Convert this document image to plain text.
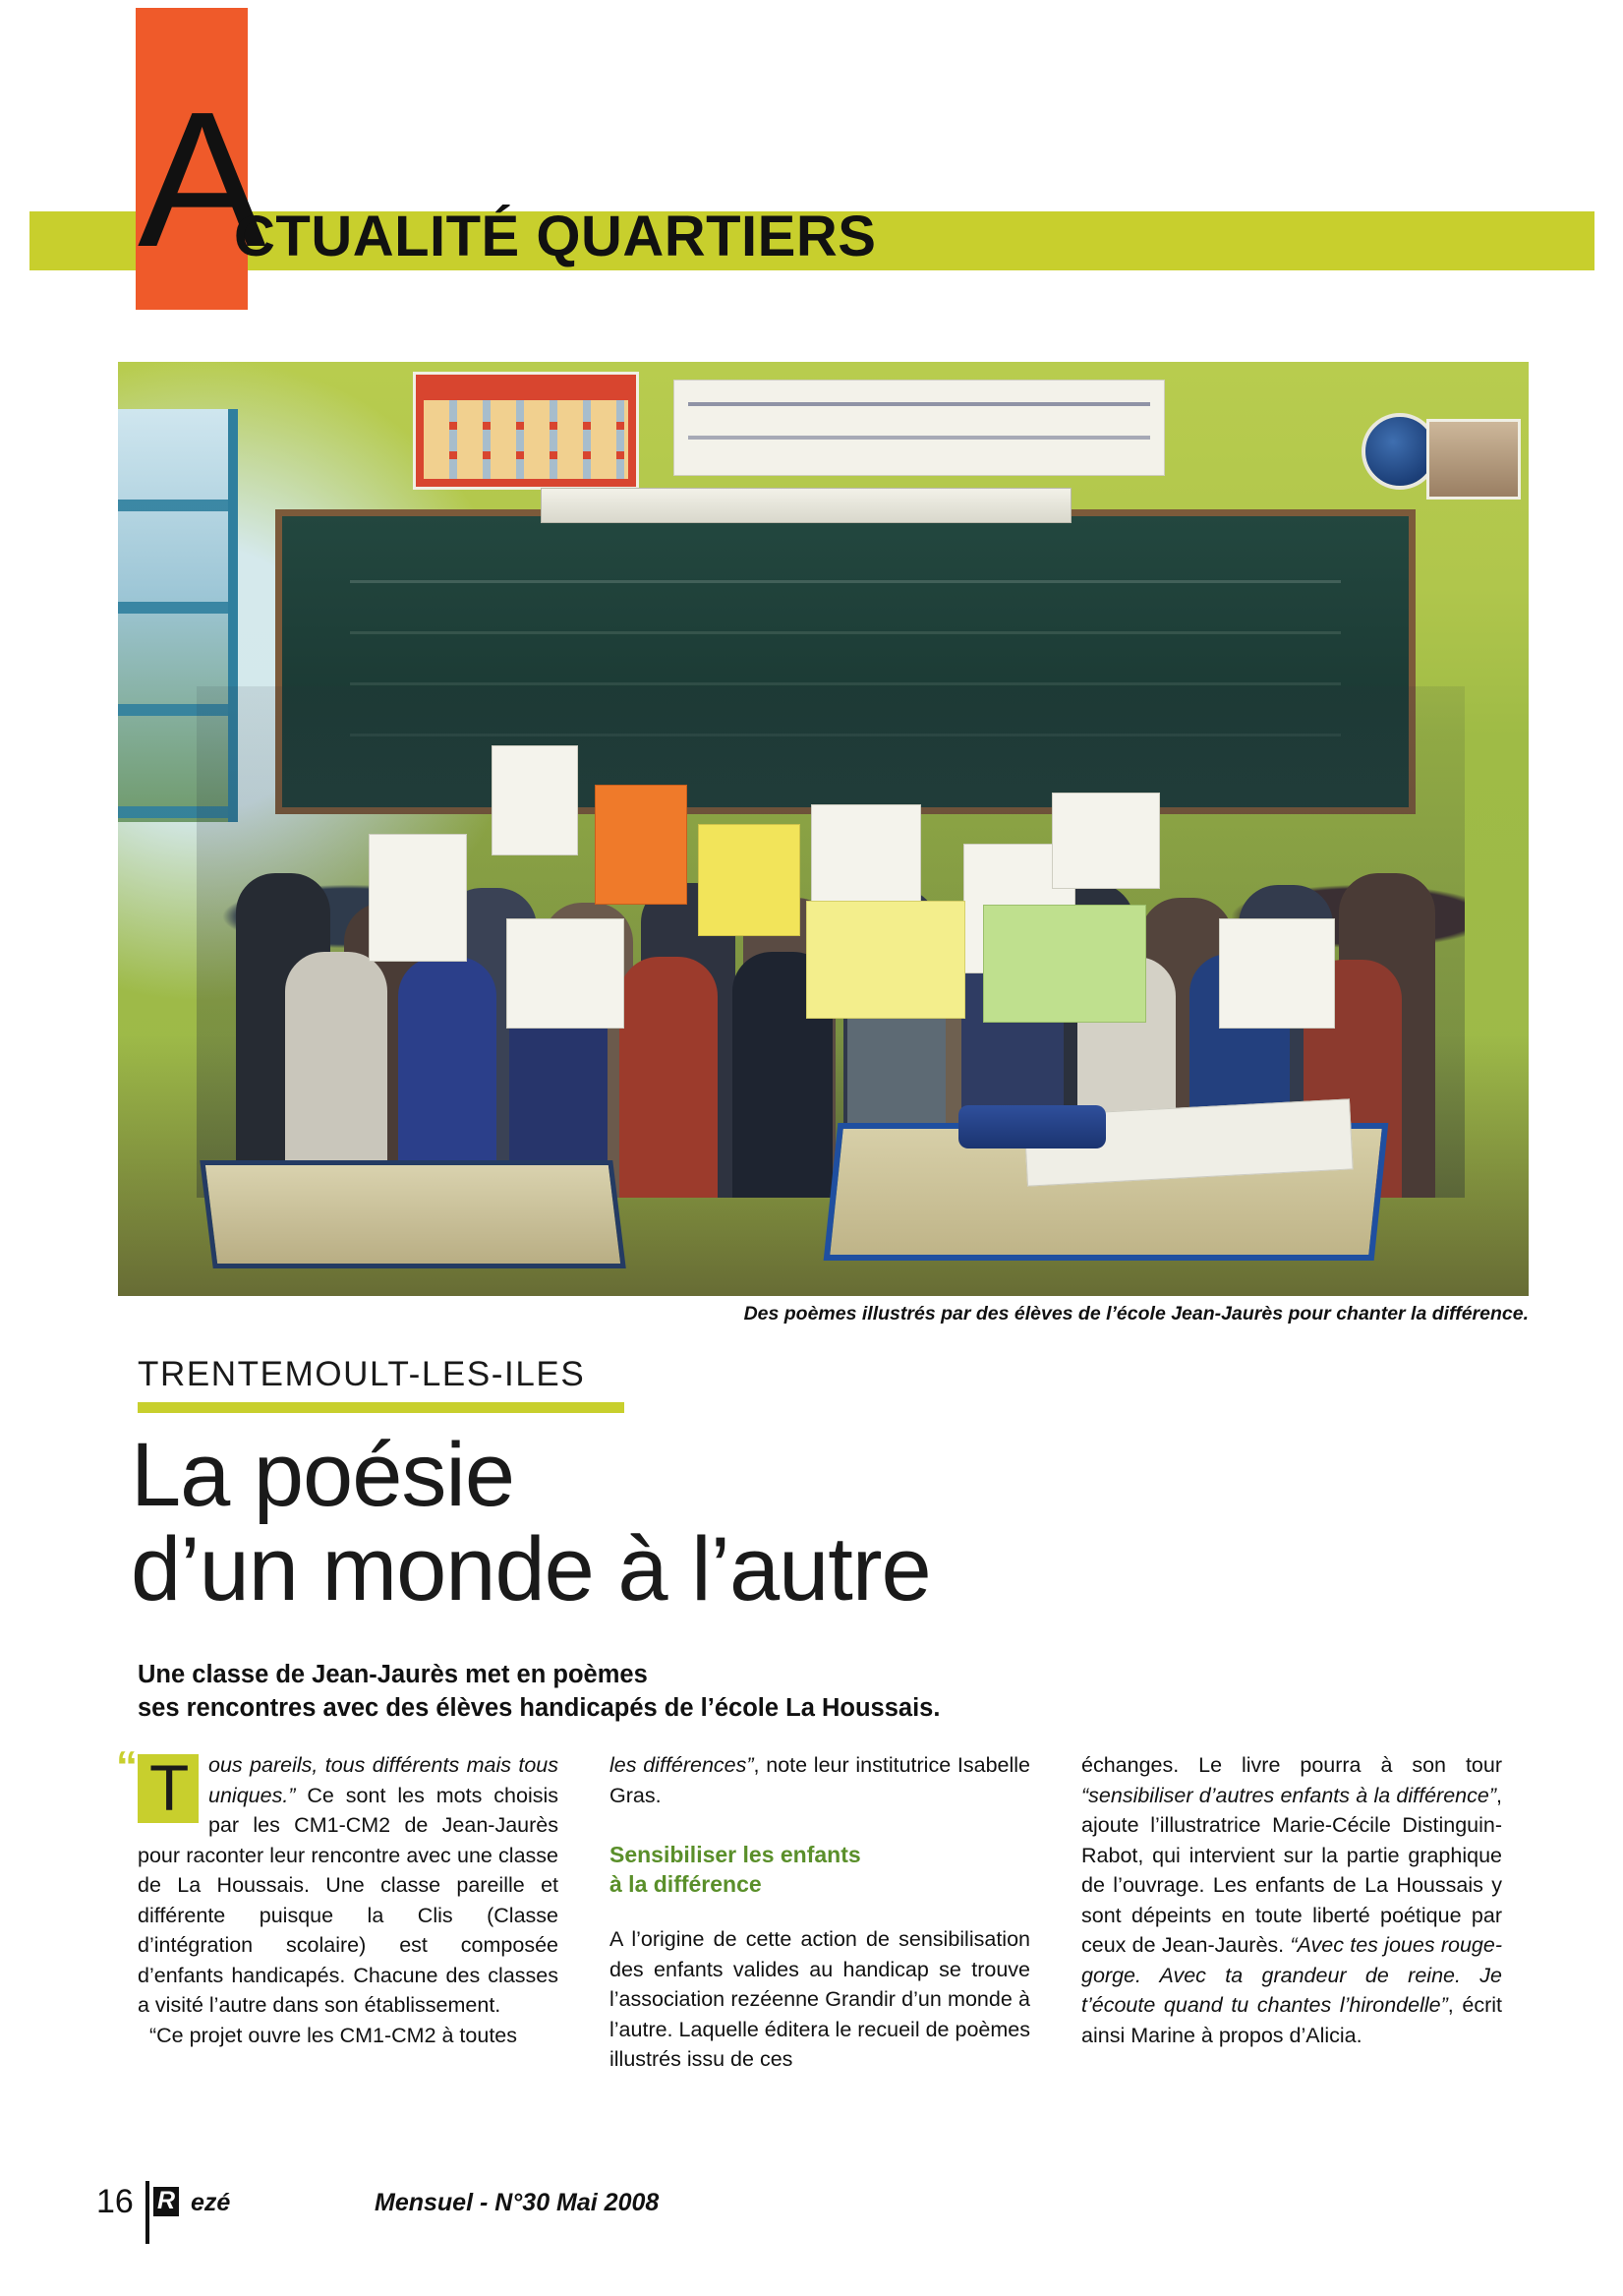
A
CTUALITÉ QUARTIERS
Des poèmes illustrés par des élèves de l’école Jean-Jaurès pour chanter la différence.
TRENTEMOULT-LES-ILES
La poésie
d’un monde à l’autre
Une classe de Jean-Jaurès met en poèmes
ses rencontres avec des élèves handicapés de l’école La Houssais.
“ T ous pareils, tous différents mais tous uniques.” Ce sont les mots choisis par les CM1-CM2 de Jean-Jaurès pour raconter leur rencontre avec une classe de La Houssais. Une classe pareille et différente puisque la Clis (Classe d’intégration scolaire) est composée d’enfants handicapés. Chacune des classes a visité l’autre dans son établissement.

“Ce projet ouvre les CM1-CM2 à toutes

les différences”, note leur institutrice Isabelle Gras.

Sensibiliser les enfants
à la différence

A l’origine de cette action de sensibilisation des enfants valides au handicap se trouve l’association rezéenne Grandir d’un monde à l’autre. Laquelle éditera le recueil de poèmes illustrés issu de ces

échanges. Le livre pourra à son tour “sensibiliser d’autres enfants à la différence”, ajoute l’illustratrice Marie-Cécile Distinguin-Rabot, qui intervient sur la partie graphique de l’ouvrage. Les enfants de La Houssais y sont dépeints en toute liberté poétique par ceux de Jean-Jaurès. “Avec tes joues rouge-gorge. Avec ta grandeur de reine. Je t’écoute quand tu chantes l’hirondelle”, écrit ainsi Marine à propos d’Alicia.

16 R ezé	Mensuel - N°30 Mai 2008
